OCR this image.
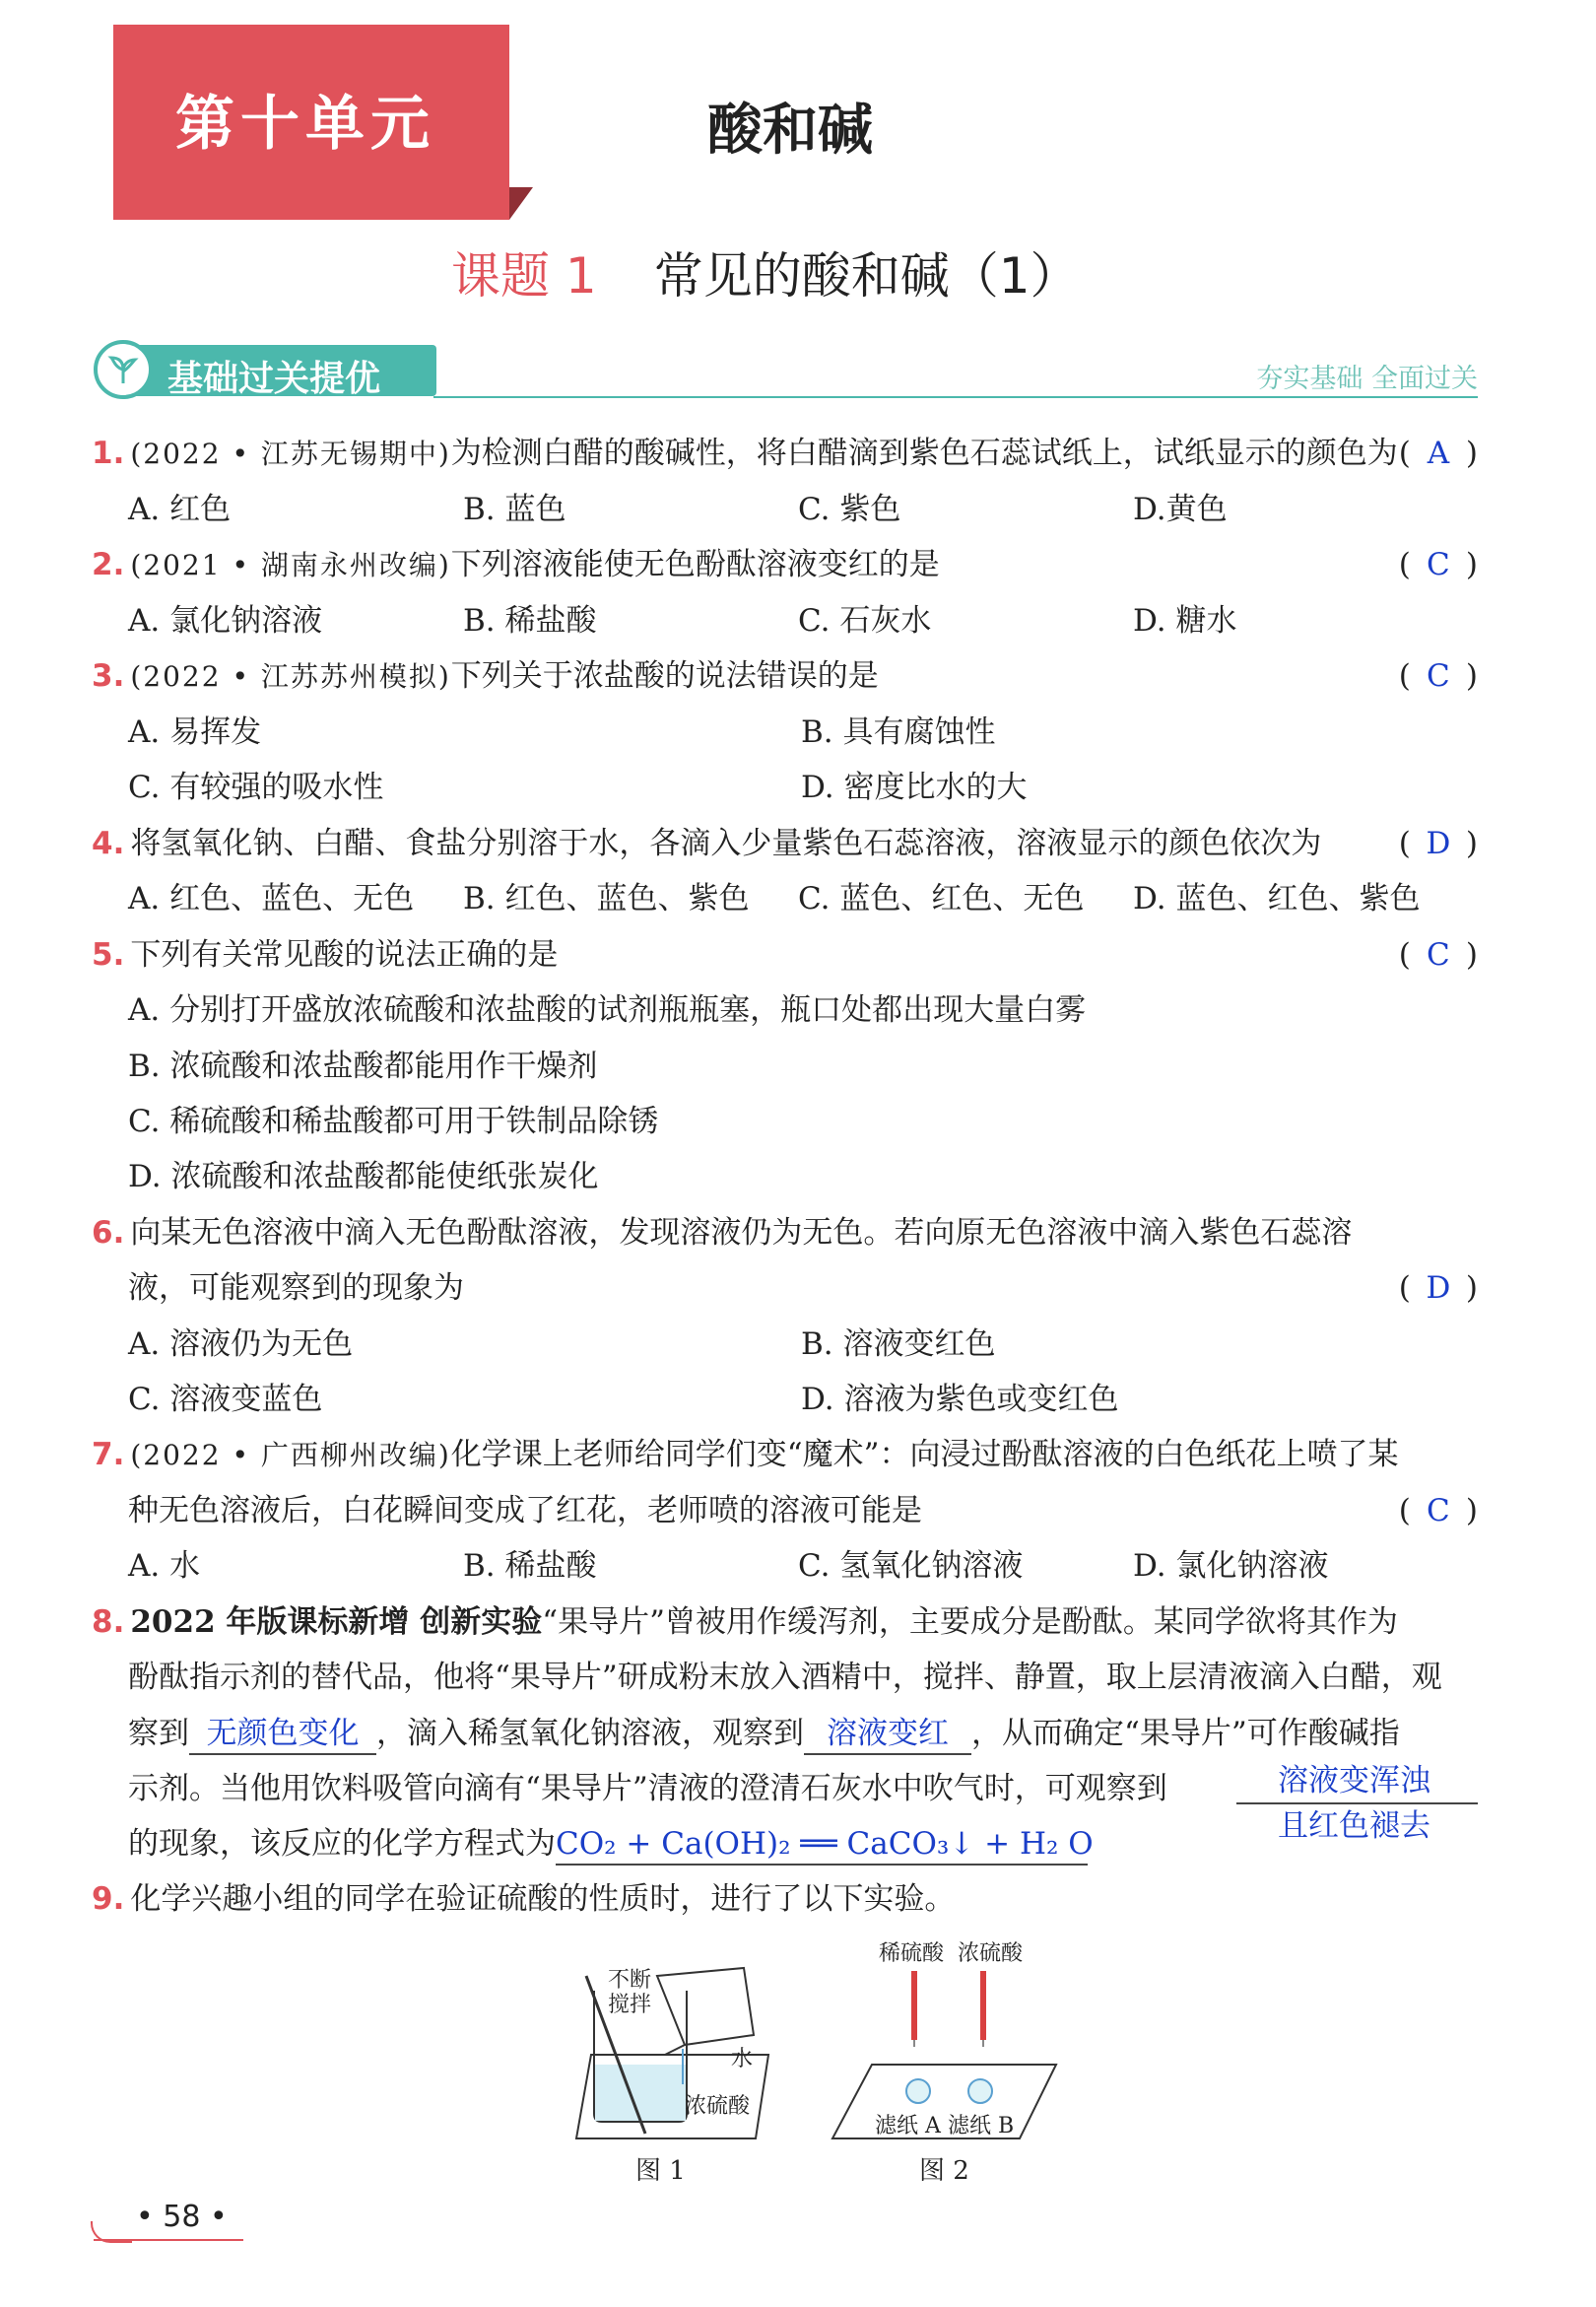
第十单元	酸和碱
课题 1 常见的酸和碱（1）
基础过关提优	夯实基础 全面过关
1. (2022 • 江苏无锡期中)为检测白醋的酸碱性，将白醋滴到紫色石蕊试纸上，试纸显示的颜色为 ( A )
A. 红色	B. 蓝色	C. 紫色	D.黄色
2. (2021 • 湖南永州改编)下列溶液能使无色酚酞溶液变红的是	( C )
A. 氯化钠溶液	B. 稀盐酸	C. 石灰水	D. 糖水
3. (2022 • 江苏苏州模拟)下列关于浓盐酸的说法错误的是	( C )
A. 易挥发	B. 具有腐蚀性
C. 有较强的吸水性	D. 密度比水的大
4. 将氢氧化钠、白醋、食盐分别溶于水，各滴入少量紫色石蕊溶液，溶液显示的颜色依次为	( D )
A. 红色、蓝色、无色 B. 红色、蓝色、紫色 C. 蓝色、红色、无色 D. 蓝色、红色、紫色
5. 下列有关常见酸的说法正确的是	( C )
A. 分别打开盛放浓硫酸和浓盐酸的试剂瓶瓶塞，瓶口处都出现大量白雾
B. 浓硫酸和浓盐酸都能用作干燥剂
C. 稀硫酸和稀盐酸都可用于铁制品除锈
D. 浓硫酸和浓盐酸都能使纸张炭化
6. 向某无色溶液中滴入无色酚酞溶液，发现溶液仍为无色。若向原无色溶液中滴入紫色石蕊溶
液，可能观察到的现象为	( D )
A. 溶液仍为无色	B. 溶液变红色
C. 溶液变蓝色	D. 溶液为紫色或变红色
7. (2022 • 广西柳州改编)化学课上老师给同学们变“魔术”：向浸过酚酞溶液的白色纸花上喷了某
种无色溶液后，白花瞬间变成了红花，老师喷的溶液可能是	( C )
A. 水	B. 稀盐酸	C. 氢氧化钠溶液	D. 氯化钠溶液
8. 2022 年版课标新增 创新实验“果导片”曾被用作缓泻剂，主要成分是酚酞。某同学欲将其作为
酚酞指示剂的替代品，他将“果导片”研成粉末放入酒精中，搅拌、静置，取上层清液滴入白醋，观
察到 无颜色变化 ，滴入稀氢氧化钠溶液，观察到 溶液变红 ，从而确定“果导片”可作酸碱指
示剂。当他用饮料吸管向滴有“果导片”清液的澄清石灰水中吹气时，可观察到	溶液变浑浊
且红色褪去
的现象，该反应的化学方程式为CO₂ + Ca(OH)₂ ══ CaCO₃↓ + H₂ O
9. 化学兴趣小组的同学在验证硫酸的性质时，进行了以下实验。
不断
搅拌
水
浓硫酸
图 1
稀硫酸 浓硫酸
滤纸 A 滤纸 B
图 2
• 58 •
